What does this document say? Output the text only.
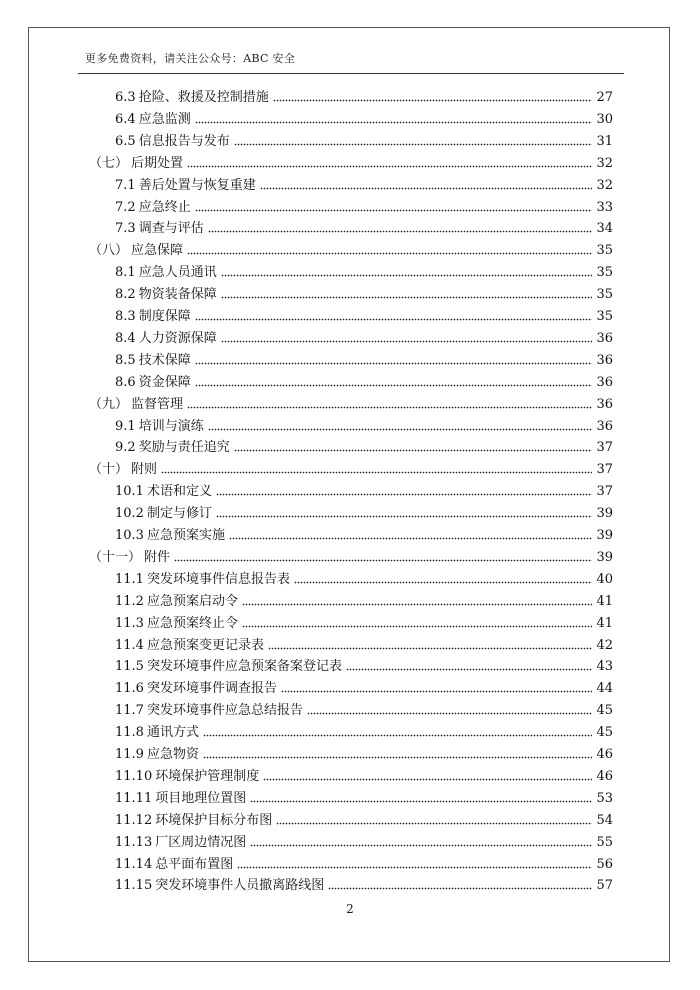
更多免费资料，请关注公众号：ABC 安全
6.3 抢险、救援及控制措施	27
6.4 应急监测	30
6.5 信息报告与发布	31
（七） 后期处置	32
7.1 善后处置与恢复重建	32
7.2 应急终止	33
7.3 调查与评估	34
（八） 应急保障	35
8.1 应急人员通讯	35
8.2 物资装备保障	35
8.3 制度保障	35
8.4 人力资源保障	36
8.5 技术保障	36
8.6 资金保障	36
（九） 监督管理	36
9.1 培训与演练	36
9.2 奖励与责任追究	37
（十） 附则	37
10.1 术语和定义	37
10.2 制定与修订	39
10.3 应急预案实施	39
（十一） 附件	39
11.1 突发环境事件信息报告表	40
11.2 应急预案启动令	41
11.3 应急预案终止令	41
11.4 应急预案变更记录表	42
11.5 突发环境事件应急预案备案登记表	43
11.6 突发环境事件调查报告	44
11.7 突发环境事件应急总结报告	45
11.8 通讯方式	45
11.9 应急物资	46
11.10 环境保护管理制度	46
11.11 项目地理位置图	53
11.12 环境保护目标分布图	54
11.13 厂区周边情况图	55
11.14 总平面布置图	56
11.15 突发环境事件人员撤离路线图	57
2
